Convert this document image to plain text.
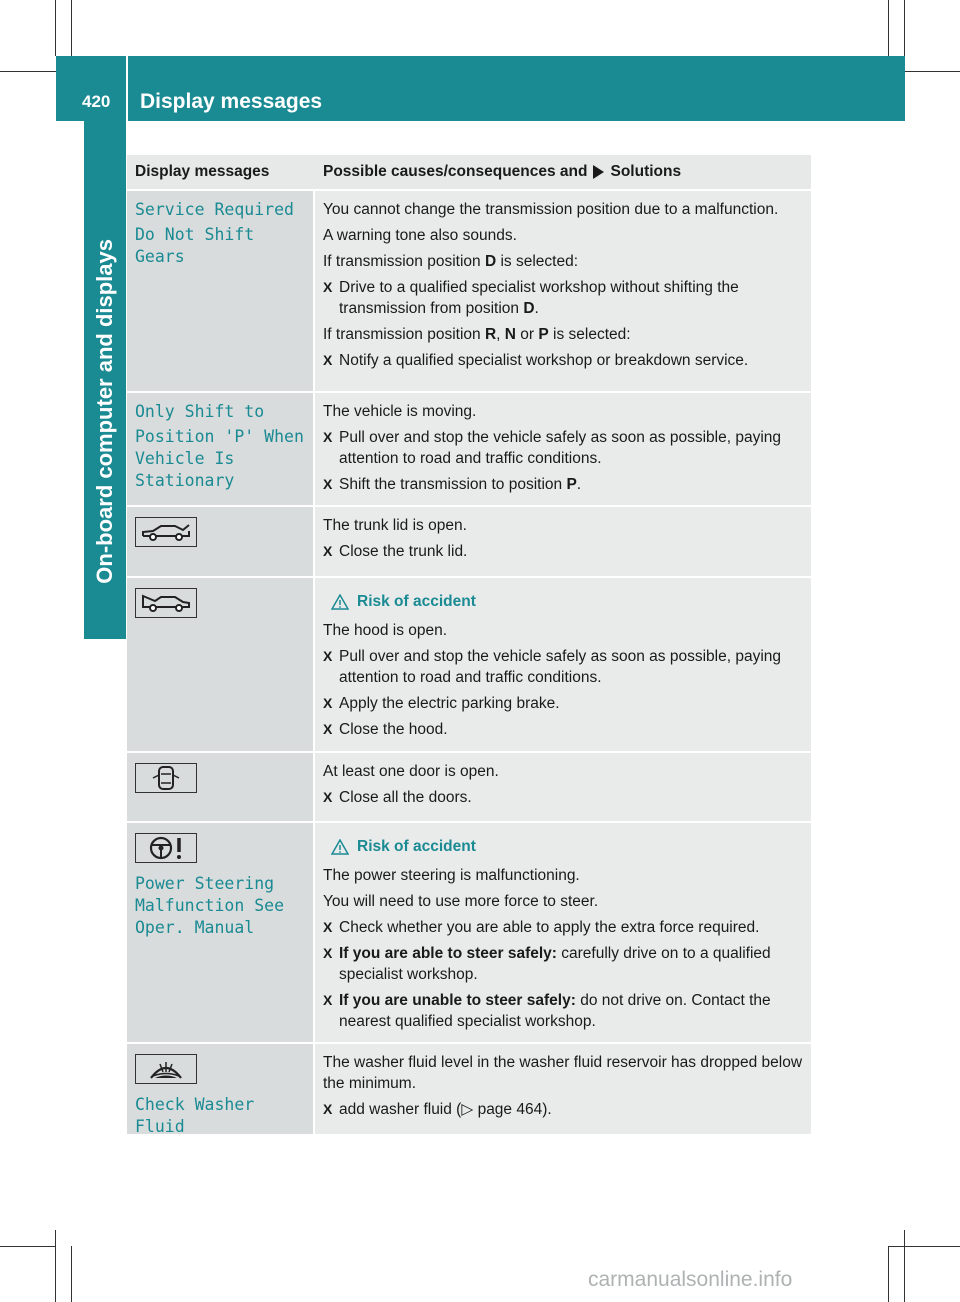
420 Display messages
On-board computer and displays
Display messages	Possible causes/consequences and Solutions

Service Required

Do Not Shift Gears

You cannot change the transmission position due to a malfunction.

A warning tone also sounds.

If transmission position D is selected:

X Drive to a qualified specialist workshop without shifting the transmission from position D.

If transmission position R, N or P is selected:

X Notify a qualified specialist workshop or breakdown service.

Only Shift to

Position 'P' When Vehicle Is Stationary

The vehicle is moving.

X Pull over and stop the vehicle safely as soon as possible, paying attention to road and traffic conditions.
X Shift the transmission to position P.

The trunk lid is open.

X Close the trunk lid.
Risk of accident

The hood is open.

X Pull over and stop the vehicle safely as soon as possible, paying attention to road and traffic conditions.
X Apply the electric parking brake.
X Close the hood.

At least one door is open.

X Close all the doors.

Power Steering Malfunction See Oper. Manual

Risk of accident

The power steering is malfunctioning.

You will need to use more force to steer.

X Check whether you are able to apply the extra force required.
X If you are able to steer safely: carefully drive on to a qualified specialist workshop.
X If you are unable to steer safely: do not drive on. Contact the nearest qualified specialist workshop.

Check Washer Fluid

The washer fluid level in the washer fluid reservoir has dropped below the minimum.

X add washer fluid (▷ page 464).
carmanualsonline.info
